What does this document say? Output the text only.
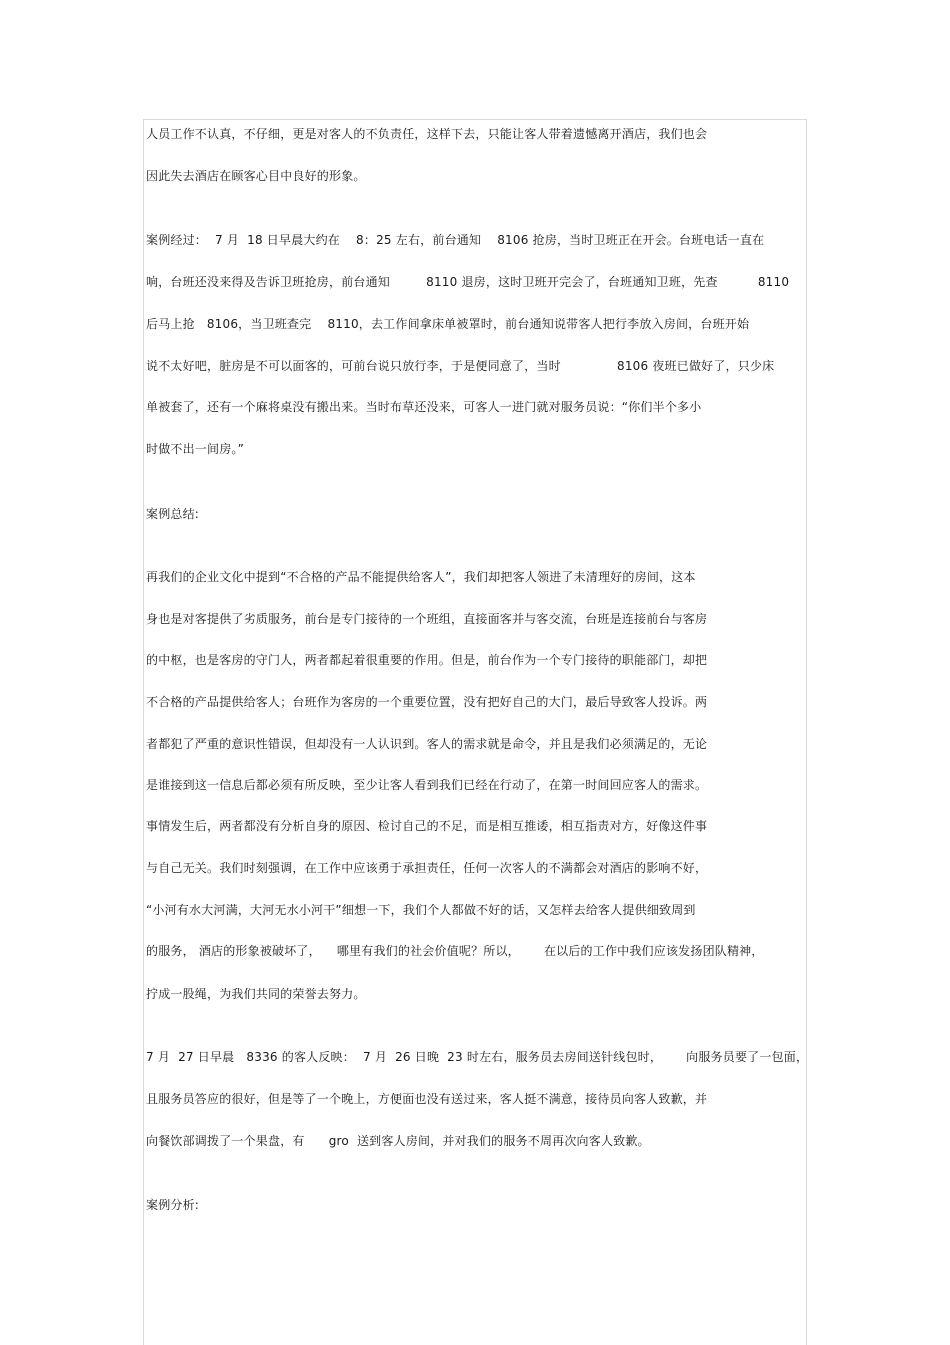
人员工作不认真，不仔细，更是对客人的不负责任，这样下去，只能让客人带着遗憾离开酒店，我们也会
因此失去酒店在顾客心目中良好的形象。
案例经过：  7 月  18 日早晨大约在    8：25 左右，前台通知    8106 抢房，当时卫班正在开会。台班电话一直在
响，台班还没来得及告诉卫班抢房，前台通知         8110 退房，这时卫班开完会了，台班通知卫班，先查          8110
后马上抢   8106，当卫班查完    8110，去工作间拿床单被罩时，前台通知说带客人把行李放入房间，台班开始
说不太好吧，脏房是不可以面客的，可前台说只放行李，于是便同意了，当时              8106 夜班已做好了，只少床
单被套了，还有一个麻将桌没有搬出来。当时布草还没来，可客人一进门就对服务员说：“你们半个多小
时做不出一间房。”
案例总结:
再我们的企业文化中提到“不合格的产品不能提供给客人”，我们却把客人领进了未清理好的房间，这本
身也是对客提供了劣质服务，前台是专门接待的一个班组，直接面客并与客交流，台班是连接前台与客房
的中枢，也是客房的守门人，两者都起着很重要的作用。但是，前台作为一个专门接待的职能部门，却把
不合格的产品提供给客人；台班作为客房的一个重要位置，没有把好自己的大门，最后导致客人投诉。两
者都犯了严重的意识性错误，但却没有一人认识到。客人的需求就是命令，并且是我们必须满足的，无论
是谁接到这一信息后都必须有所反映，至少让客人看到我们已经在行动了，在第一时间回应客人的需求。
事情发生后，两者都没有分析自身的原因、检讨自己的不足，而是相互推诿，相互指责对方，好像这件事
与自己无关。我们时刻强调，在工作中应该勇于承担责任，任何一次客人的不满都会对酒店的影响不好，
“小河有水大河满，大河无水小河干”细想一下，我们个人都做不好的话，又怎样去给客人提供细致周到
的服务， 酒店的形象被破坏了，    哪里有我们的社会价值呢？所以，      在以后的工作中我们应该发扬团队精神，
拧成一股绳，为我们共同的荣誉去努力。
7 月  27 日早晨   8336 的客人反映：  7 月  26 日晚  23 时左右，服务员去房间送针线包时，      向服务员要了一包面，
且服务员答应的很好，但是等了一个晚上，方便面也没有送过来，客人挺不满意，接待员向客人致歉，并
向餐饮部调拨了一个果盘，有      gro  送到客人房间，并对我们的服务不周再次向客人致歉。
案例分析:
